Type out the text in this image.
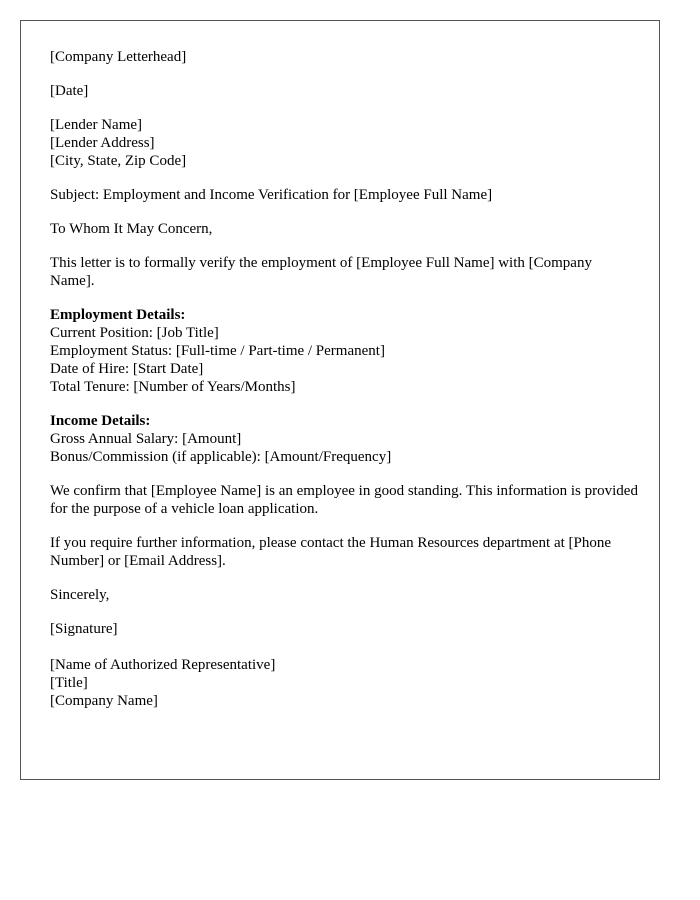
[Company Letterhead]

[Date]

[Lender Name]
[Lender Address]
[City, State, Zip Code]

Subject: Employment and Income Verification for [Employee Full Name]

To Whom It May Concern,

This letter is to formally verify the employment of [Employee Full Name] with [Company Name].

Employment Details:
Current Position: [Job Title]
Employment Status: [Full-time / Part-time / Permanent]
Date of Hire: [Start Date]
Total Tenure: [Number of Years/Months]

Income Details:
Gross Annual Salary: [Amount]
Bonus/Commission (if applicable): [Amount/Frequency]

We confirm that [Employee Name] is an employee in good standing. This information is provided for the purpose of a vehicle loan application.

If you require further information, please contact the Human Resources department at [Phone Number] or [Email Address].

Sincerely,

[Signature]

[Name of Authorized Representative]
[Title]
[Company Name]
